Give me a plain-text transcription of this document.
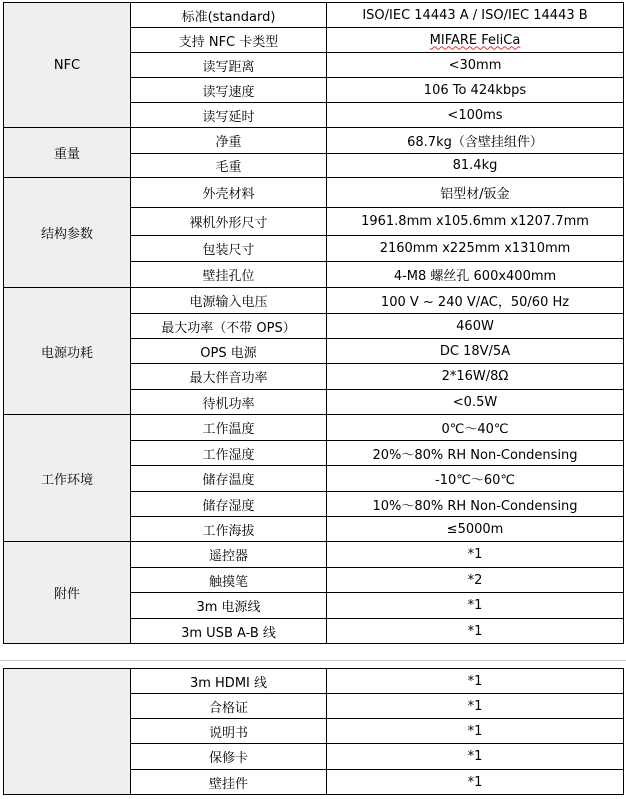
NFC	标准(standard)	ISO/IEC 14443 A / ISO/IEC 14443 B
	支持 NFC 卡类型	MIFARE FeliCa
	读写距离	<30mm
	读写速度	106 To 424kbps
	读写延时	<100ms
重量	净重	68.7kg（含壁挂组件）
	毛重	81.4kg
结构参数	外壳材料	铝型材/钣金
	裸机外形尺寸	1961.8mm x105.6mm x1207.7mm
	包装尺寸	2160mm x225mm x1310mm
	壁挂孔位	4-M8 螺丝孔 600x400mm
电源功耗	电源输入电压	100 V ~ 240 V/AC，50/60 Hz
	最大功率（不带 OPS）	460W
	OPS 电源	DC 18V/5A
	最大伴音功率	2*16W/8Ω
	待机功率	<0.5W
工作环境	工作温度	0℃～40℃
	工作湿度	20%～80% RH Non-Condensing
	储存温度	-10℃～60℃
	储存湿度	10%～80% RH Non-Condensing
	工作海拔	≤5000m
附件	遥控器	*1
	触摸笔	*2
	3m 电源线	*1
	3m USB A-B 线	*1
	3m HDMI 线	*1
	合格证	*1
	说明书	*1
	保修卡	*1
	壁挂件	*1
